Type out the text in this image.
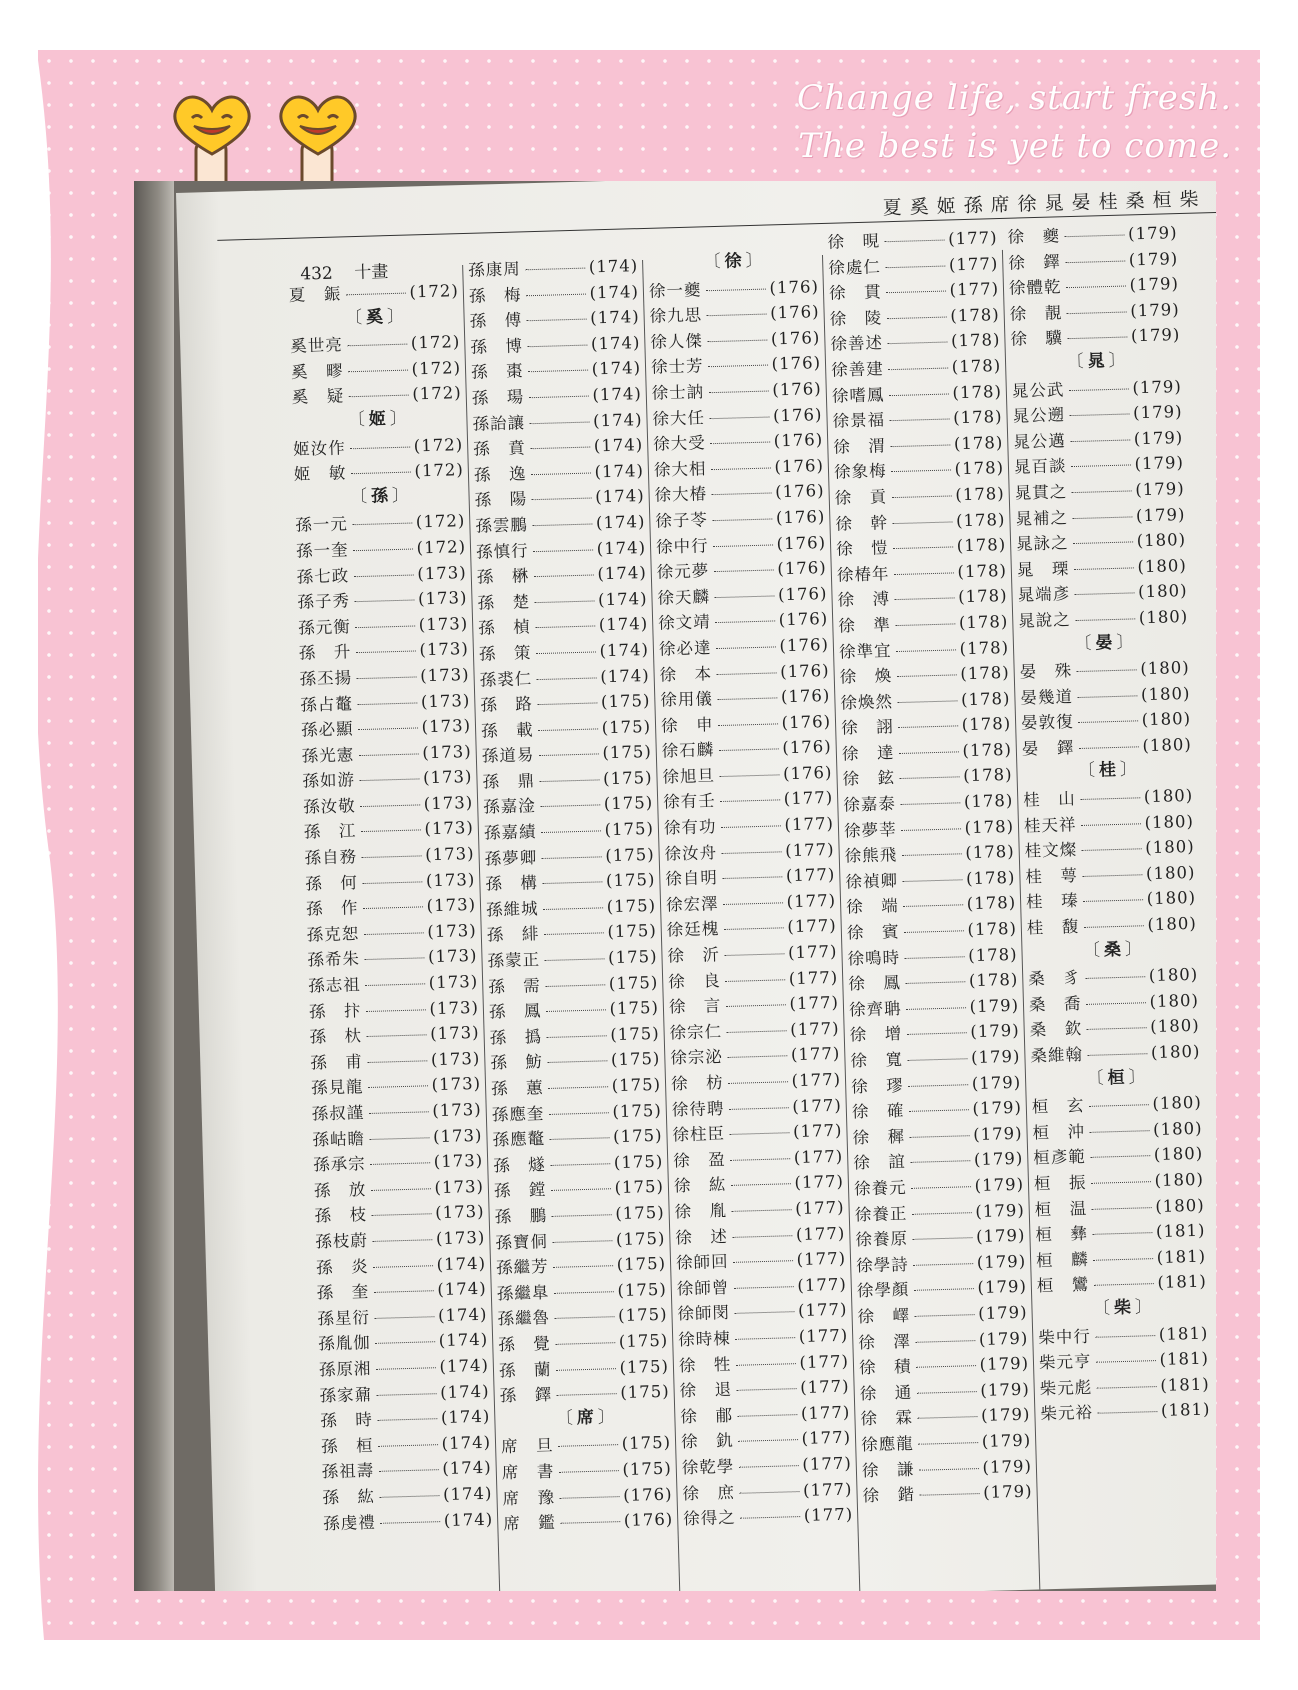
Change life, start fresh.
The best is yet to come.
夏奚姬孫席徐晁晏桂桑桓柴
432 十畫
夏　鋠	(172)
〔 奚 〕
奚世亮	(172)
奚　疁	(172)
奚　疑	(172)
〔 姬 〕
姬汝作	(172)
姬　敏	(172)
〔 孫 〕
孫一元	(172)
孫一奎	(172)
孫七政	(173)
孫子秀	(173)
孫元衡	(173)
孫　升	(173)
孫丕揚	(173)
孫占鼇	(173)
孫必顯	(173)
孫光憲	(173)
孫如游	(173)
孫汝敬	(173)
孫　江	(173)
孫自務	(173)
孫　何	(173)
孫　作	(173)
孫克恕	(173)
孫希朱	(173)
孫志祖	(173)
孫　抃	(173)
孫　杕	(173)
孫　甫	(173)
孫見龍	(173)
孫叔謹	(173)
孫岵瞻	(173)
孫承宗	(173)
孫　放	(173)
孫　枝	(173)
孫枝蔚	(173)
孫　炎	(174)
孫　奎	(174)
孫星衍	(174)
孫胤伽	(174)
孫原湘	(174)
孫家鼐	(174)
孫　時	(174)
孫　桓	(174)
孫祖壽	(174)
孫　紘	(174)
孫虔禮	(174)
孫康周	(174)
孫　梅	(174)
孫　傅	(174)
孫　博	(174)
孫　棗	(174)
孫　瑒	(174)
孫詒讓	(174)
孫　賁	(174)
孫　逸	(174)
孫　陽	(174)
孫雲鵬	(174)
孫慎行	(174)
孫　楙	(174)
孫　楚	(174)
孫　楨	(174)
孫　策	(174)
孫裘仁	(174)
孫　路	(175)
孫　載	(175)
孫道易	(175)
孫　鼎	(175)
孫嘉淦	(175)
孫嘉績	(175)
孫夢卿	(175)
孫　構	(175)
孫維城	(175)
孫　緋	(175)
孫蒙正	(175)
孫　需	(175)
孫　鳳	(175)
孫　撝	(175)
孫　魴	(175)
孫　蕙	(175)
孫應奎	(175)
孫應鼇	(175)
孫　燧	(175)
孫　鏜	(175)
孫　鵬	(175)
孫寶侗	(175)
孫繼芳	(175)
孫繼臯	(175)
孫繼魯	(175)
孫　覺	(175)
孫　蘭	(175)
孫　鐸	(175)
〔 席 〕
席　旦	(175)
席　書	(175)
席　豫	(176)
席　鑑	(176)
〔 徐 〕
徐一夔	(176)
徐九思	(176)
徐人傑	(176)
徐士芳	(176)
徐士訥	(176)
徐大任	(176)
徐大受	(176)
徐大相	(176)
徐大椿	(176)
徐子苓	(176)
徐中行	(176)
徐元夢	(176)
徐天麟	(176)
徐文靖	(176)
徐必達	(176)
徐　本	(176)
徐用儀	(176)
徐　申	(176)
徐石麟	(176)
徐旭旦	(176)
徐有壬	(177)
徐有功	(177)
徐汝舟	(177)
徐自明	(177)
徐宏澤	(177)
徐廷槐	(177)
徐　沂	(177)
徐　良	(177)
徐　言	(177)
徐宗仁	(177)
徐宗泌	(177)
徐　枋	(177)
徐待聘	(177)
徐柱臣	(177)
徐　盈	(177)
徐　紘	(177)
徐　胤	(177)
徐　述	(177)
徐師回	(177)
徐師曾	(177)
徐師閔	(177)
徐時棟	(177)
徐　牲	(177)
徐　退	(177)
徐　郙	(177)
徐　釚	(177)
徐乾學	(177)
徐　庶	(177)
徐得之	(177)
徐　晛	(177)
徐處仁	(177)
徐　貫	(177)
徐　陵	(178)
徐善述	(178)
徐善建	(178)
徐嗜鳳	(178)
徐景福	(178)
徐　渭	(178)
徐象梅	(178)
徐　貢	(178)
徐　幹	(178)
徐　愷	(178)
徐椿年	(178)
徐　溥	(178)
徐　準	(178)
徐準宜	(178)
徐　煥	(178)
徐煥然	(178)
徐　詡	(178)
徐　達	(178)
徐　鉉	(178)
徐嘉泰	(178)
徐夢莘	(178)
徐熊飛	(178)
徐禎卿	(178)
徐　端	(178)
徐　賓	(178)
徐鳴時	(178)
徐　鳳	(178)
徐齊聃	(179)
徐　增	(179)
徐　寬	(179)
徐　璆	(179)
徐　確	(179)
徐　穉	(179)
徐　誼	(179)
徐養元	(179)
徐養正	(179)
徐養原	(179)
徐學詩	(179)
徐學顏	(179)
徐　嶧	(179)
徐　澤	(179)
徐　積	(179)
徐　通	(179)
徐　霖	(179)
徐應龍	(179)
徐　謙	(179)
徐　鍇	(179)
徐　夔	(179)
徐　鐸	(179)
徐體乾	(179)
徐　靚	(179)
徐　驥	(179)
〔 晁 〕
晁公武	(179)
晁公遡	(179)
晁公邁	(179)
晁百談	(179)
晁貫之	(179)
晁補之	(179)
晁詠之	(180)
晁　瑮	(180)
晁端彥	(180)
晁說之	(180)
〔 晏 〕
晏　殊	(180)
晏幾道	(180)
晏敦復	(180)
晏　鐸	(180)
〔 桂 〕
桂　山	(180)
桂天祥	(180)
桂文燦	(180)
桂　萼	(180)
桂　瑧	(180)
桂　馥	(180)
〔 桑 〕
桑　豸	(180)
桑　喬	(180)
桑　欽	(180)
桑維翰	(180)
〔 桓 〕
桓　玄	(180)
桓　沖	(180)
桓彥範	(180)
桓　振	(180)
桓　温	(180)
桓　彝	(181)
桓　麟	(181)
桓　鸞	(181)
〔 柴 〕
柴中行	(181)
柴元亨	(181)
柴元彪	(181)
柴元裕	(181)
